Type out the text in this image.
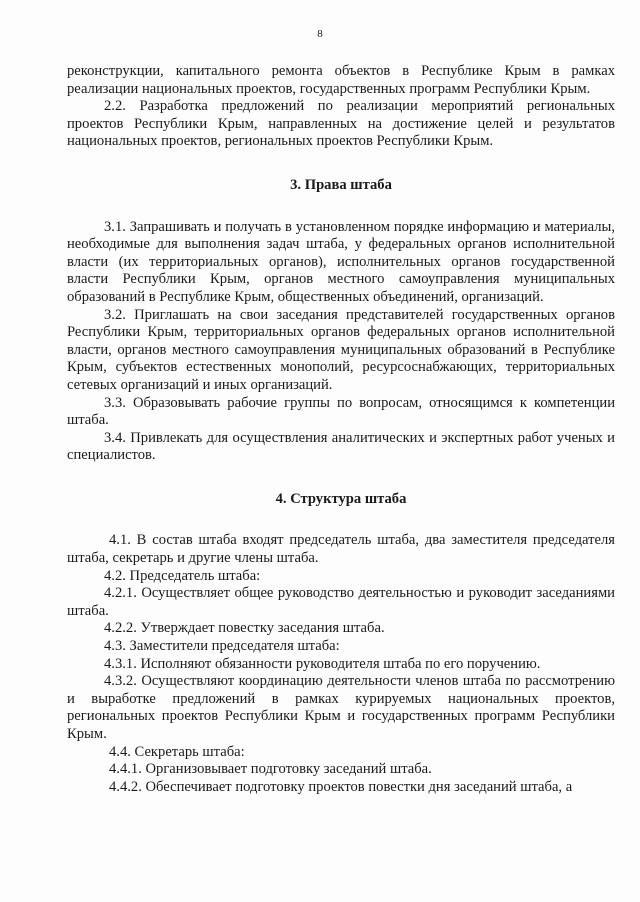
8

реконструкции, капитального ремонта объектов в Республике Крым в рамках реализации национальных проектов, государственных программ Республики Крым.

2.2. Разработка предложений по реализации мероприятий региональных проектов Республики Крым, направленных на достижение целей и результатов национальных проектов, региональных проектов Республики Крым.

3. Права штаба

3.1. Запрашивать и получать в установленном порядке информацию и материалы, необходимые для выполнения задач штаба, у федеральных органов исполнительной власти (их территориальных органов), исполнительных органов государственной власти Республики Крым, органов местного самоуправления муниципальных образований в Республике Крым, общественных объединений, организаций.

3.2. Приглашать на свои заседания представителей государственных органов Республики Крым, территориальных органов федеральных органов исполнительной власти, органов местного самоуправления муниципальных образований в Республике Крым, субъектов естественных монополий, ресурсоснабжающих, территориальных сетевых организаций и иных организаций.

3.3. Образовывать рабочие группы по вопросам, относящимся к компетенции штаба.

3.4. Привлекать для осуществления аналитических и экспертных работ ученых и специалистов.

4. Структура штаба

4.1. В состав штаба входят председатель штаба, два заместителя председателя штаба, секретарь и другие члены штаба.

4.2. Председатель штаба:

4.2.1. Осуществляет общее руководство деятельностью и руководит заседаниями штаба.

4.2.2. Утверждает повестку заседания штаба.

4.3. Заместители председателя штаба:

4.3.1. Исполняют обязанности руководителя штаба по его поручению.

4.3.2. Осуществляют координацию деятельности членов штаба по рассмотрению и выработке предложений в рамках курируемых национальных проектов, региональных проектов Республики Крым и государственных программ Республики Крым.

4.4. Секретарь штаба:

4.4.1. Организовывает подготовку заседаний штаба.

4.4.2. Обеспечивает подготовку проектов повестки дня заседаний штаба, а
